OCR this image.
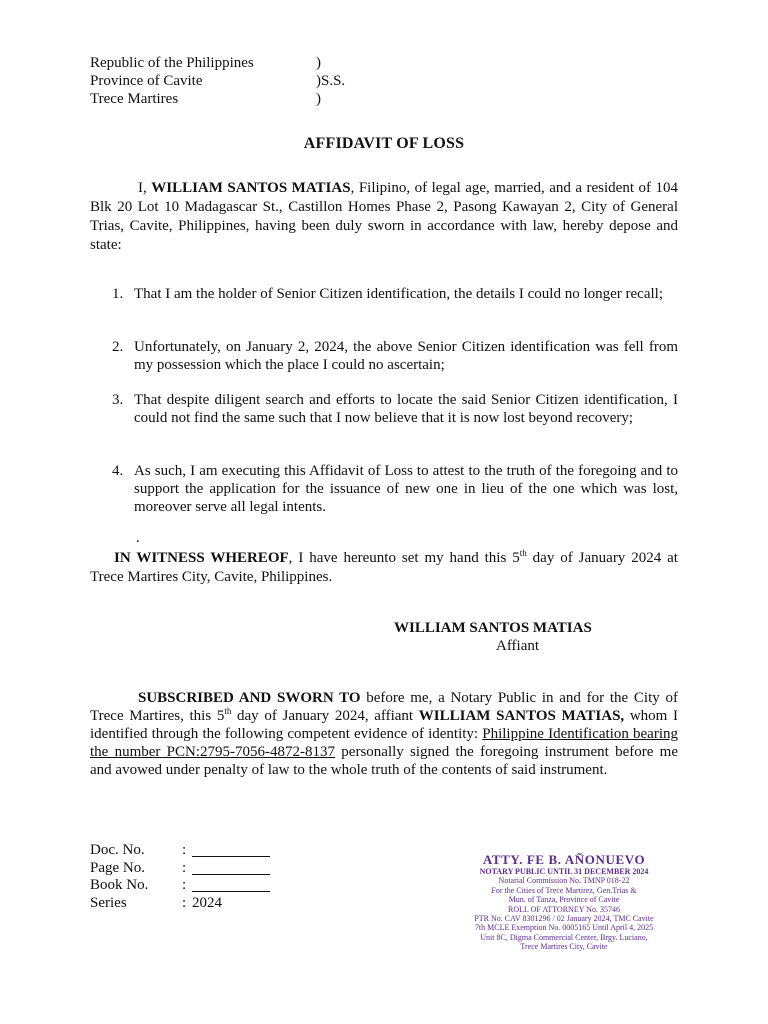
Republic of the Philippines	)
Province of Cavite	)S.S.
Trece Martires	)
AFFIDAVIT OF LOSS

I, WILLIAM SANTOS MATIAS, Filipino, of legal age, married, and a resident of 104 Blk 20 Lot 10 Madagascar St., Castillon Homes Phase 2, Pasong Kawayan 2, City of General Trias, Cavite, Philippines, having been duly sworn in accordance with law, hereby depose and state:

1. That I am the holder of Senior Citizen identification, the details I could no longer recall;
2. Unfortunately, on January 2, 2024, the above Senior Citizen identification was fell from my possession which the place I could no ascertain;
3. That despite diligent search and efforts to locate the said Senior Citizen identification, I could not find the same such that I now believe that it is now lost beyond recovery;
4. As such, I am executing this Affidavit of Loss to attest to the truth of the foregoing and to support the application for the issuance of new one in lieu of the one which was lost, moreover serve all legal intents.
.

IN WITNESS WHEREOF, I have hereunto set my hand this 5th day of January 2024 at Trece Martires City, Cavite, Philippines.

WILLIAM SANTOS MATIAS
Affiant

SUBSCRIBED AND SWORN TO before me, a Notary Public in and for the City of Trece Martires, this 5th day of January 2024, affiant WILLIAM SANTOS MATIAS, whom I identified through the following competent evidence of identity: Philippine Identification bearing the number PCN:2795-7056-4872-8137 personally signed the foregoing instrument before me and avowed under penalty of law to the whole truth of the contents of said instrument.

Doc. No.	:
Page No.	:
Book No.	:
Series	: 2024
ATTY. FE B. AÑONUEVO
NOTARY PUBLIC UNTIL 31 DECEMBER 2024
Notarial Commission No. TMNP 018-22
For the Cities of Trece Martirez, Gen.Trias &
Mun. of Tanza, Province of Cavite
ROLL OF ATTORNEY No. 35746
PTR No. CAV 8301296 / 02 January 2024, TMC Cavite
7th MCLE Exemption No. 0005165 Until April 4, 2025
Unit 8C, Digma Commercial Center, Brgy. Luciano,
Trece Martires City, Cavite
